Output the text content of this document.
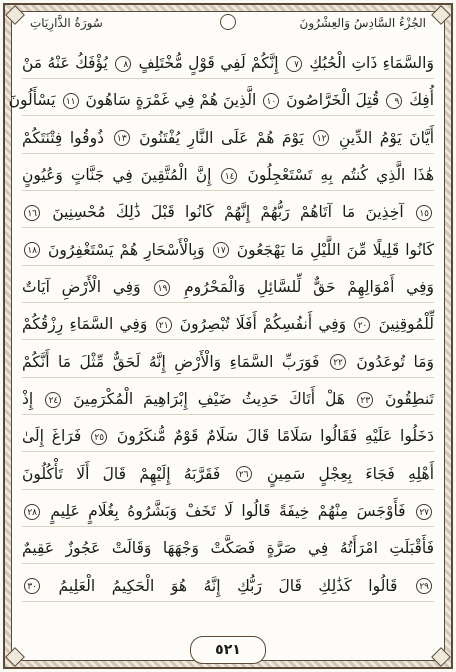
سُورَةُ الذَّارِيَاتِ	الجُزْءُ السَّادِسُ وَالعِشْرُونَ
وَالسَّمَاءِ ذَاتِ الْحُبُكِ ٧ إِنَّكُمْ لَفِي قَوْلٍ مُّخْتَلِفٍ ٨ يُؤْفَكُ عَنْهُ مَنْ
أُفِكَ ٩ قُتِلَ الْخَرَّاصُونَ ١٠ الَّذِينَ هُمْ فِي غَمْرَةٍ سَاهُونَ ١١ يَسْأَلُونَ
أَيَّانَ يَوْمُ الدِّينِ ١٢ يَوْمَ هُمْ عَلَى النَّارِ يُفْتَنُونَ ١٣ ذُوقُوا فِتْنَتَكُمْ
هَٰذَا الَّذِي كُنتُم بِهِ تَسْتَعْجِلُونَ ١٤ إِنَّ الْمُتَّقِينَ فِي جَنَّاتٍ وَعُيُونٍ
١٥ آخِذِينَ مَا آتَاهُمْ رَبُّهُمْ إِنَّهُمْ كَانُوا قَبْلَ ذَٰلِكَ مُحْسِنِينَ ١٦
كَانُوا قَلِيلًا مِّنَ اللَّيْلِ مَا يَهْجَعُونَ ١٧ وَبِالْأَسْحَارِ هُمْ يَسْتَغْفِرُونَ ١٨
وَفِي أَمْوَالِهِمْ حَقٌّ لِّلسَّائِلِ وَالْمَحْرُومِ ١٩ وَفِي الْأَرْضِ آيَاتٌ
لِّلْمُوقِنِينَ ٢٠ وَفِي أَنفُسِكُمْ أَفَلَا تُبْصِرُونَ ٢١ وَفِي السَّمَاءِ رِزْقُكُمْ
وَمَا تُوعَدُونَ ٢٢ فَوَرَبِّ السَّمَاءِ وَالْأَرْضِ إِنَّهُ لَحَقٌّ مِّثْلَ مَا أَنَّكُمْ
تَنطِقُونَ ٢٣ هَلْ أَتَاكَ حَدِيثُ ضَيْفِ إِبْرَاهِيمَ الْمُكْرَمِينَ ٢٤ إِذْ
دَخَلُوا عَلَيْهِ فَقَالُوا سَلَامًا قَالَ سَلَامٌ قَوْمٌ مُّنكَرُونَ ٢٥ فَرَاغَ إِلَىٰ
أَهْلِهِ فَجَاءَ بِعِجْلٍ سَمِينٍ ٢٦ فَقَرَّبَهُ إِلَيْهِمْ قَالَ أَلَا تَأْكُلُونَ
٢٧ فَأَوْجَسَ مِنْهُمْ خِيفَةً قَالُوا لَا تَخَفْ وَبَشَّرُوهُ بِغُلَامٍ عَلِيمٍ ٢٨
فَأَقْبَلَتِ امْرَأَتُهُ فِي صَرَّةٍ فَصَكَّتْ وَجْهَهَا وَقَالَتْ عَجُوزٌ عَقِيمٌ
٢٩ قَالُوا كَذَٰلِكِ قَالَ رَبُّكِ إِنَّهُ هُوَ الْحَكِيمُ الْعَلِيمُ ٣٠
٥٢١
